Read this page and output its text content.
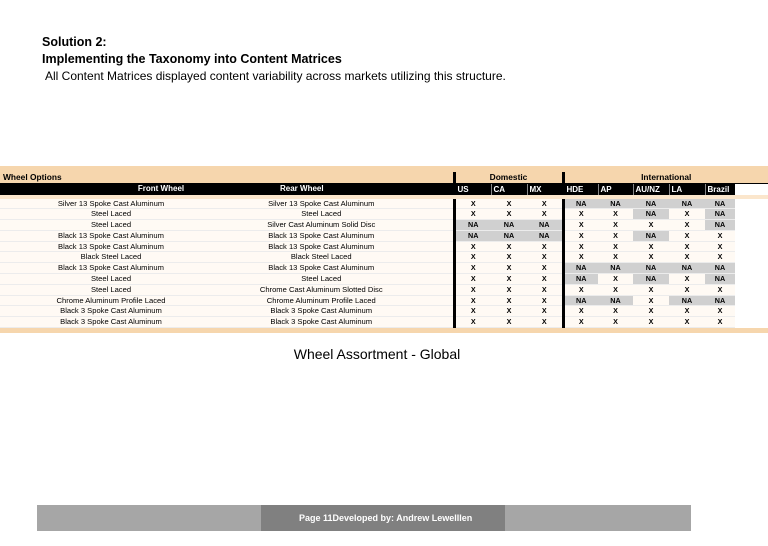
Solution 2:
Implementing the Taxonomy into Content Matrices
All Content Matrices displayed content variability across markets utilizing this structure.

Wheel Options				Domestic			International				
Front Wheel			Rear Wheel	US	CA	MX	HDE	AP	AU/NZ	LA	Brazil

	Silver 13 Spoke Cast Aluminum		Silver 13 Spoke Cast Aluminum	X	X	X	NA	NA	NA	NA	NA
	Steel Laced		Steel Laced	X	X	X	X	X	NA	X	NA
	Steel Laced		Silver Cast Aluminum Solid Disc	NA	NA	NA	X	X	X	X	NA
	Black 13 Spoke Cast Aluminum		Black 13 Spoke Cast Aluminum	NA	NA	NA	X	X	NA	X	X
	Black 13 Spoke Cast Aluminum		Black 13 Spoke Cast Aluminum	X	X	X	X	X	X	X	X
	Black Steel Laced		Black Steel Laced	X	X	X	X	X	X	X	X
	Black 13 Spoke Cast Aluminum		Black 13 Spoke Cast Aluminum	X	X	X	NA	NA	NA	NA	NA
	Steel Laced		Steel Laced	X	X	X	NA	X	NA	X	NA
	Steel Laced		Chrome Cast Aluminum Slotted Disc	X	X	X	X	X	X	X	X
	Chrome Aluminum Profile Laced		Chrome Aluminum Profile Laced	X	X	X	NA	NA	X	NA	NA
	Black 3 Spoke Cast Aluminum		Black 3 Spoke Cast Aluminum	X	X	X	X	X	X	X	X
	Black 3 Spoke Cast Aluminum		Black 3 Spoke Cast Aluminum	X	X	X	X	X	X	X	X

Wheel Assortment - Global
Page 11Developed by: Andrew Lewelllen
